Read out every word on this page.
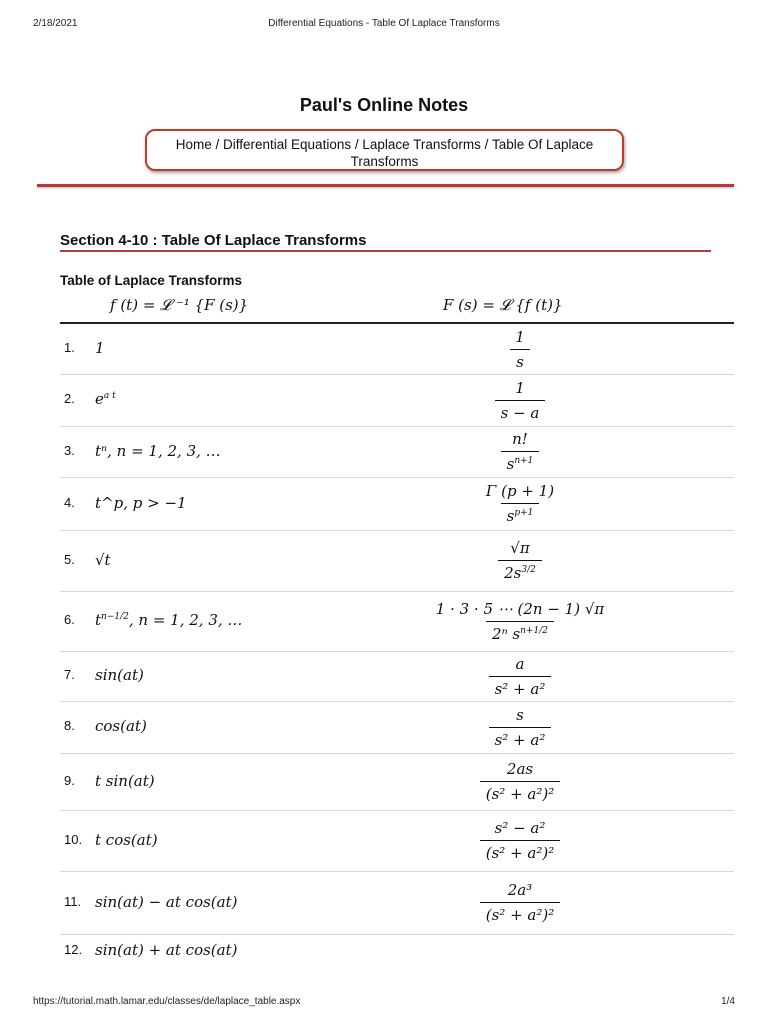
2/18/2021	Differential Equations - Table Of Laplace Transforms
Paul's Online Notes
Home / Differential Equations / Laplace Transforms / Table Of Laplace Transforms
Section 4-10 : Table Of Laplace Transforms
Table of Laplace Transforms
f (t) = 𝓛 ⁻¹ {F (s)}	F (s) = 𝓛 {f (t)}
1. 1	$\frac{1}{s}$
2. $e^{a t}$	$\frac{1}{s - a}$
3. tⁿ, n = 1, 2, 3, …	$\frac{n!}{s^{n+1}}$
4. t^p, p > −1	$\frac{\Gamma (p + 1)}{s^{p+1}}$
5. √t	$\frac{√\pi}{2s^{3/2}}$
6. $t^{n-1/2}$, n = 1, 2, 3, …	$\frac{1 \cdot 3 \cdot 5 \cdots (2n - 1) √\pi}{2^n s^{n+1/2}}$
7. sin(at)	$\frac{a}{\text{s² + a²}}$
8. cos(at)	$\frac{s}{\text{s² + a²}}$
9. t sin(at)	$\frac{2as}{\text{(s² + a²)²}}$
10. t cos(at)	$\frac{\text{s² − a²}}{\text{(s² + a²)²}}$
11. sin(at) − at cos(at)	$\frac{\text{2a³}}{\text{(s² + a²)²}}$
12. sin(at) + at cos(at)
https://tutorial.math.lamar.edu/classes/de/laplace_table.aspx	1/4
